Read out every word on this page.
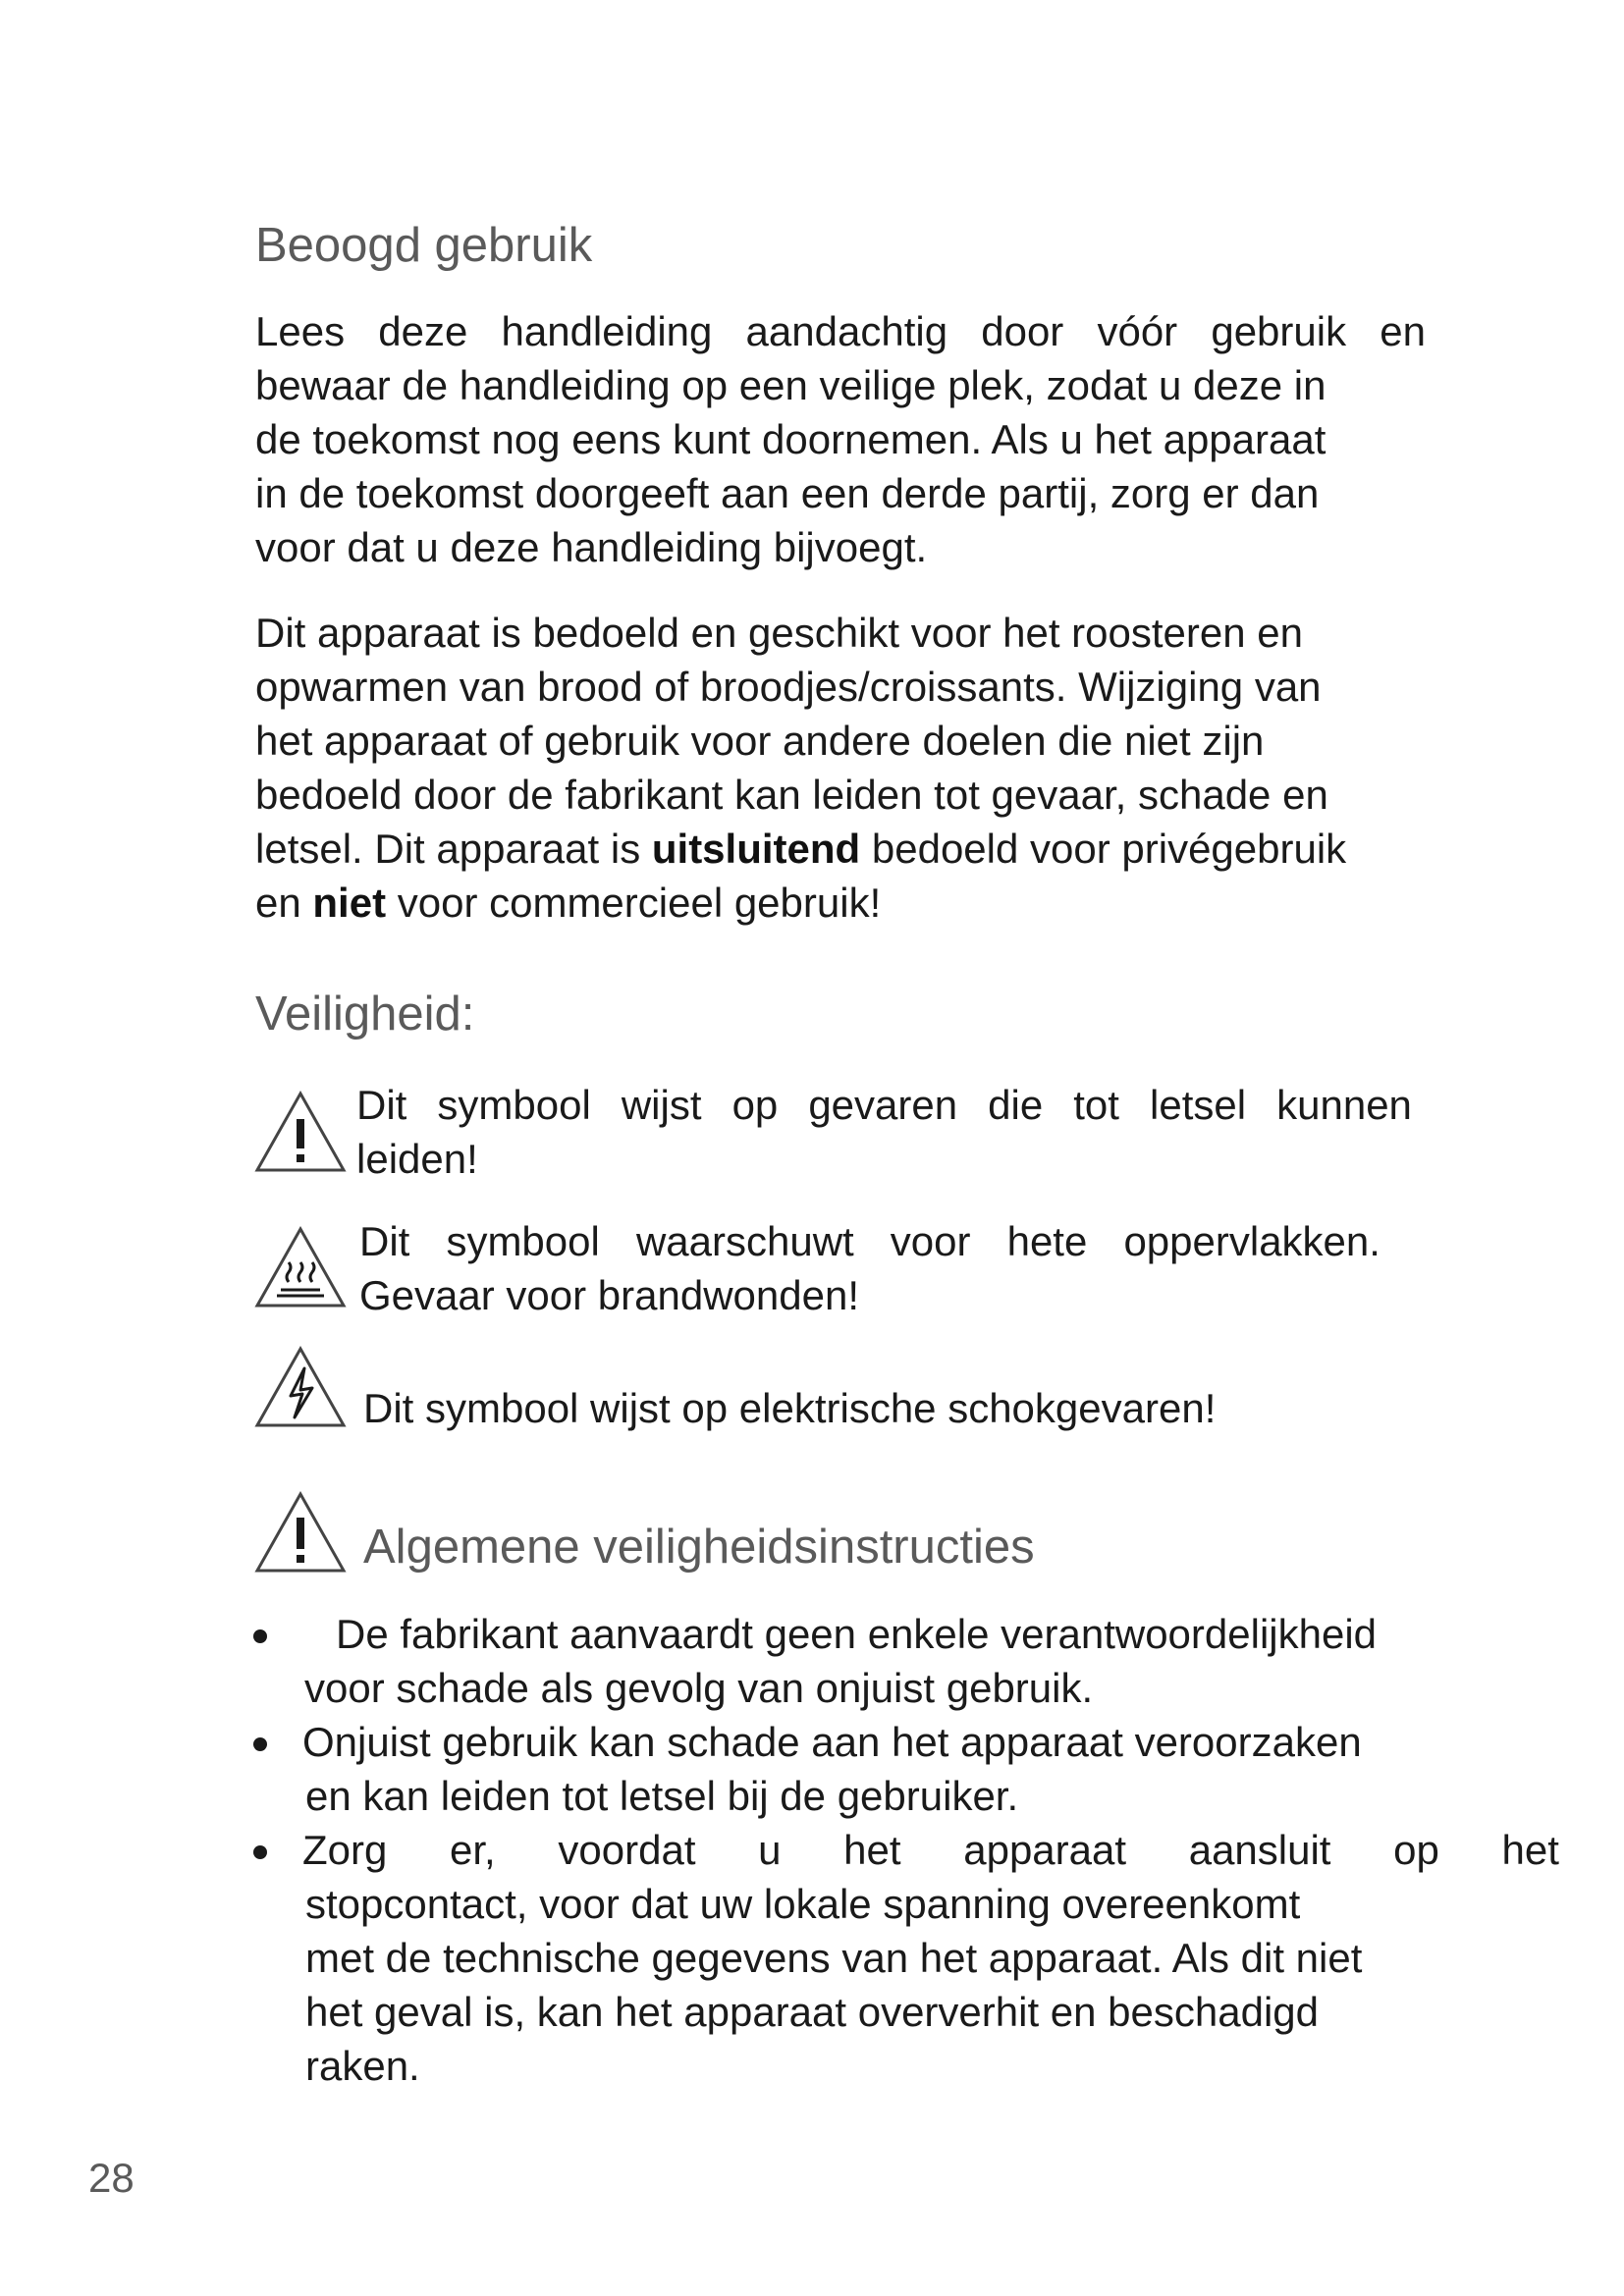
Beoogd gebruik
Lees deze handleiding aandachtig door vóór gebruik en
bewaar de handleiding op een veilige plek, zodat u deze in
de toekomst nog eens kunt doornemen. Als u het apparaat
in de toekomst doorgeeft aan een derde partij, zorg er dan
voor dat u deze handleiding bijvoegt.
Dit apparaat is bedoeld en geschikt voor het roosteren en
opwarmen van brood of broodjes/croissants. Wijziging van
het apparaat of gebruik voor andere doelen die niet zijn
bedoeld door de fabrikant kan leiden tot gevaar, schade en
letsel. Dit apparaat is uitsluitend bedoeld voor privégebruik
en niet voor commercieel gebruik!
Veiligheid:
Dit symbool wijst op gevaren die tot letsel kunnen
leiden!
Dit symbool waarschuwt voor hete oppervlakken.
Gevaar voor brandwonden!
Dit symbool wijst op elektrische schokgevaren!
Algemene veiligheidsinstructies
De fabrikant aanvaardt geen enkele verantwoordelijkheid
voor schade als gevolg van onjuist gebruik.
Onjuist gebruik kan schade aan het apparaat veroorzaken
en kan leiden tot letsel bij de gebruiker.
Zorg er, voordat u het apparaat aansluit op het
stopcontact, voor dat uw lokale spanning overeenkomt
met de technische gegevens van het apparaat. Als dit niet
het geval is, kan het apparaat oververhit en beschadigd
raken.
28
